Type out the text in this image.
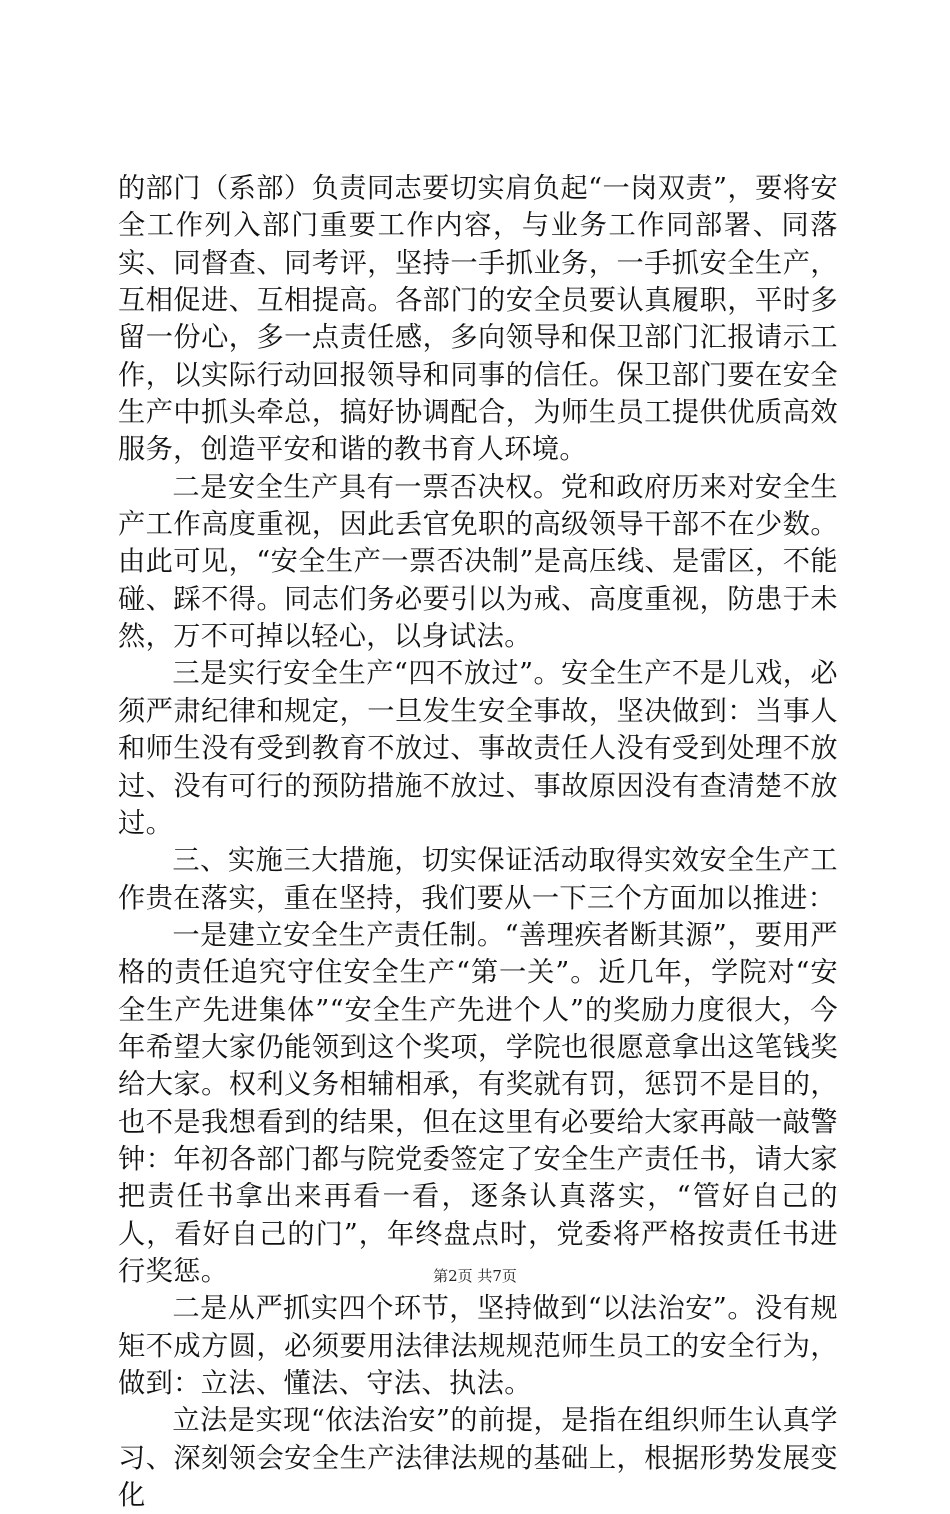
的部门（系部）负责同志要切实肩负起“一岗双责”，要将安全工作列入部门重要工作内容，与业务工作同部署、同落实、同督查、同考评，坚持一手抓业务，一手抓安全生产，互相促进、互相提高。各部门的安全员要认真履职，平时多留一份心，多一点责任感，多向领导和保卫部门汇报请示工作，以实际行动回报领导和同事的信任。保卫部门要在安全生产中抓头牵总，搞好协调配合，为师生员工提供优质高效服务，创造平安和谐的教书育人环境。

二是安全生产具有一票否决权。党和政府历来对安全生产工作高度重视，因此丢官免职的高级领导干部不在少数。由此可见，“安全生产一票否决制”是高压线、是雷区，不能碰、踩不得。同志们务必要引以为戒、高度重视，防患于未然，万不可掉以轻心，以身试法。

三是实行安全生产“四不放过”。安全生产不是儿戏，必须严肃纪律和规定，一旦发生安全事故，坚决做到：当事人和师生没有受到教育不放过、事故责任人没有受到处理不放过、没有可行的预防措施不放过、事故原因没有查清楚不放过。

三、实施三大措施，切实保证活动取得实效安全生产工作贵在落实，重在坚持，我们要从一下三个方面加以推进：

一是建立安全生产责任制。“善理疾者断其源”，要用严格的责任追究守住安全生产“第一关”。近几年，学院对“安全生产先进集体”“安全生产先进个人”的奖励力度很大，今年希望大家仍能领到这个奖项，学院也很愿意拿出这笔钱奖给大家。权利义务相辅相承，有奖就有罚，惩罚不是目的，也不是我想看到的结果，但在这里有必要给大家再敲一敲警钟：年初各部门都与院党委签定了安全生产责任书，请大家把责任书拿出来再看一看，逐条认真落实，“管好自己的人，看好自己的门”，年终盘点时，党委将严格按责任书进行奖惩。

二是从严抓实四个环节，坚持做到“以法治安”。没有规矩不成方圆，必须要用法律法规规范师生员工的安全行为，做到：立法、懂法、守法、执法。

立法是实现“依法治安”的前提，是指在组织师生认真学习、深刻领会安全生产法律法规的基础上，根据形势发展变化

第2页 共7页
